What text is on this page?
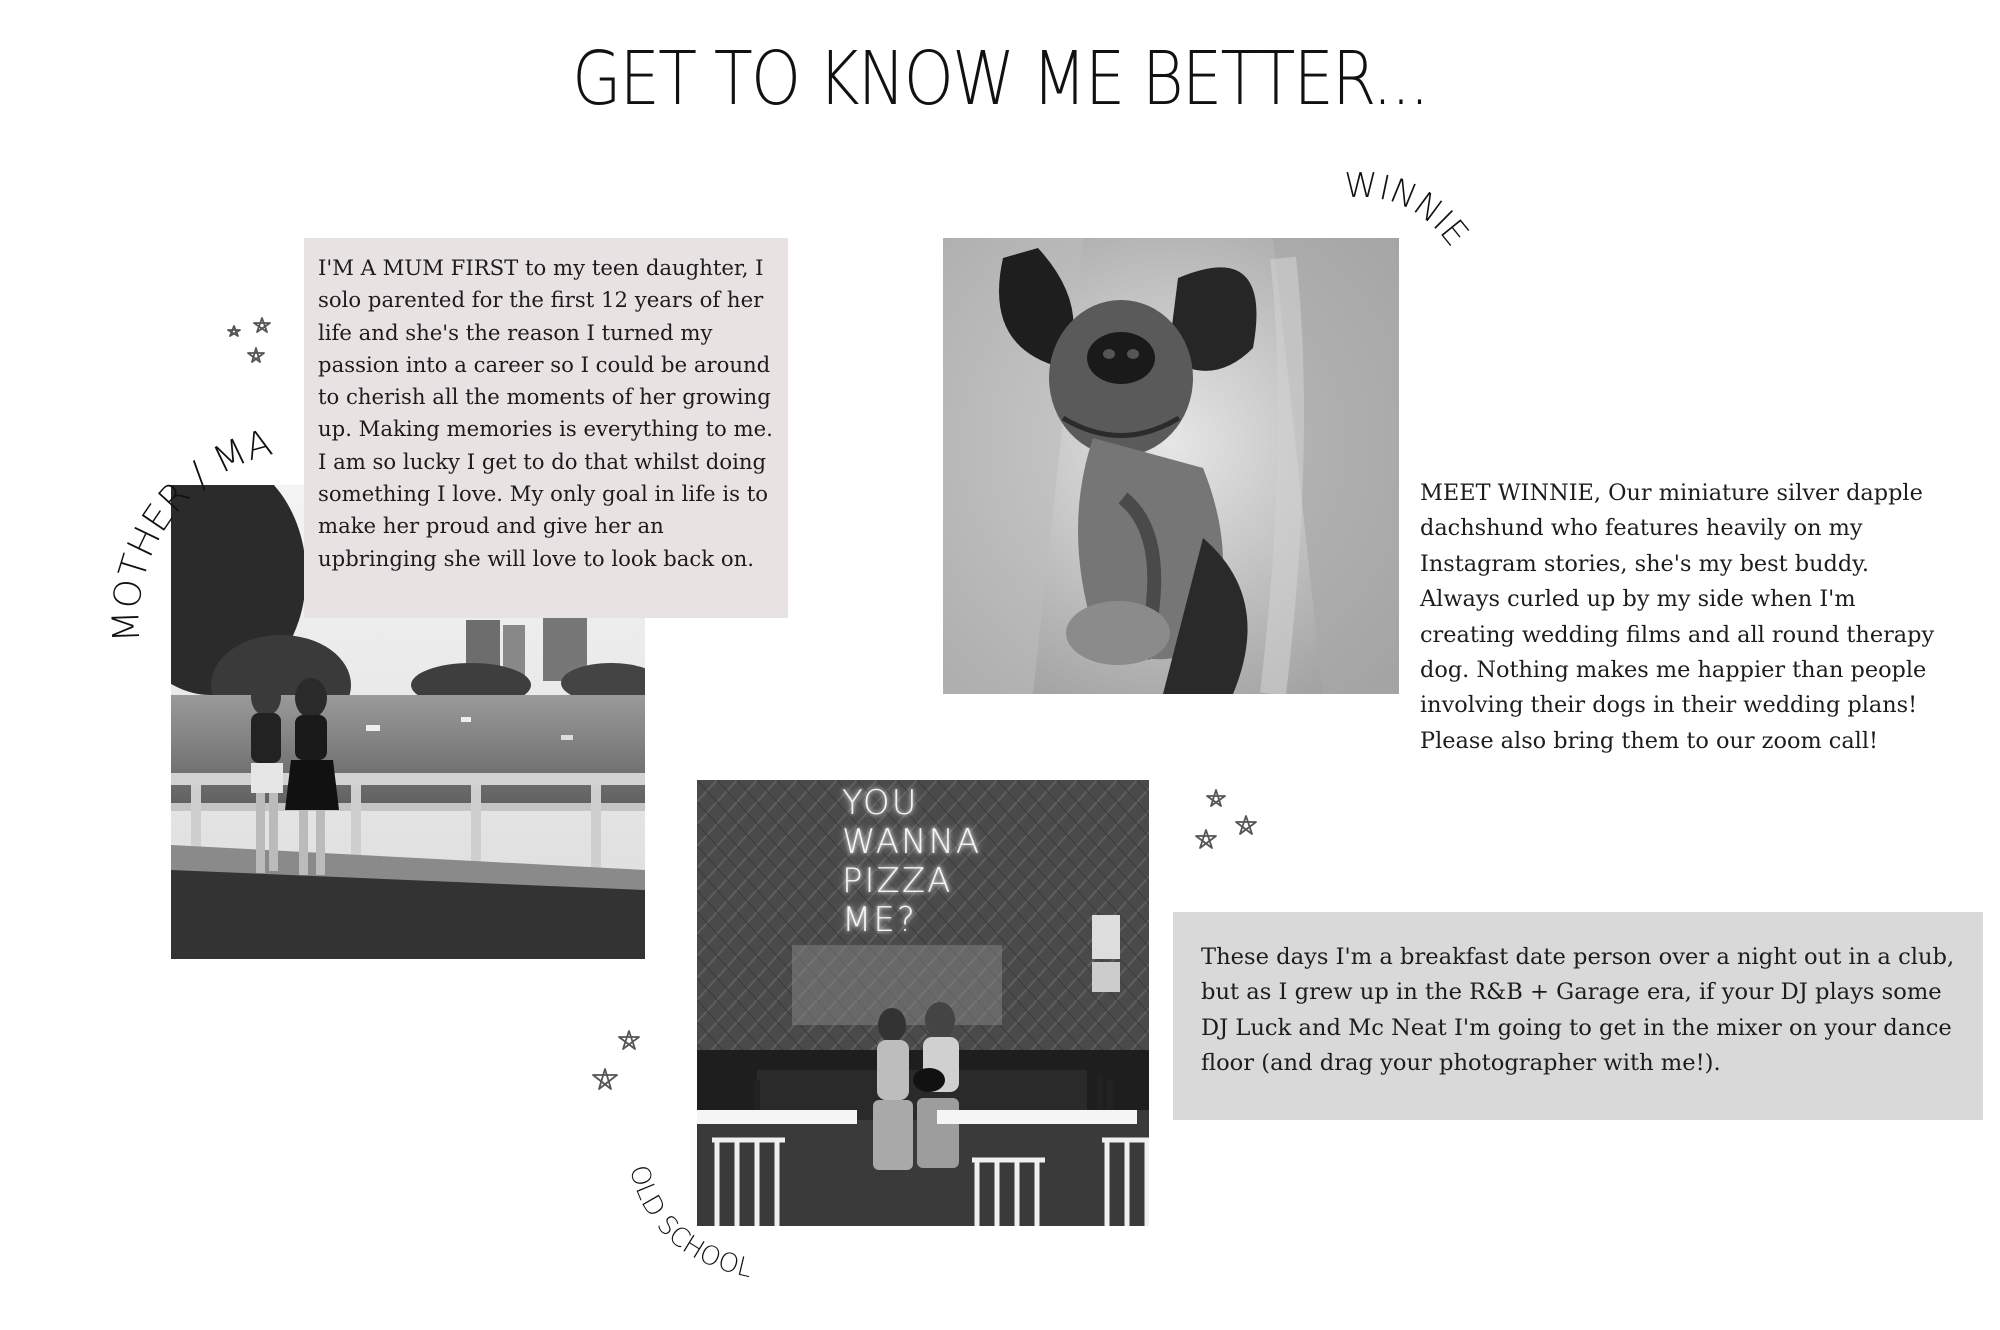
GET TO KNOW ME BETTER...
I'M A MUM FIRST to my teen daughter, I solo parented for the first 12 years of her life and she's the reason I turned my passion into a career so I could be around to cherish all the moments of her growing up. Making memories is everything to me. I am so lucky I get to do that whilst doing something I love. My only goal in life is to make her proud and give her an upbringing she will love to look back on.
MOTHER / MAMA
WINNIE
MEET WINNIE, Our miniature silver dapple dachshund who features heavily on my Instagram stories, she's my best buddy. Always curled up by my side when I'm creating wedding films and all round therapy dog. Nothing makes me happier than people involving their dogs in their wedding plans! Please also bring them to our zoom call!
YOU
WANNA
PIZZA
ME?
OLD SCHOOL
These days I'm a breakfast date person over a night out in a club, but as I grew up in the R&B + Garage era, if your DJ plays some DJ Luck and Mc Neat I'm going to get in the mixer on your dance floor (and drag your photographer with me!).
